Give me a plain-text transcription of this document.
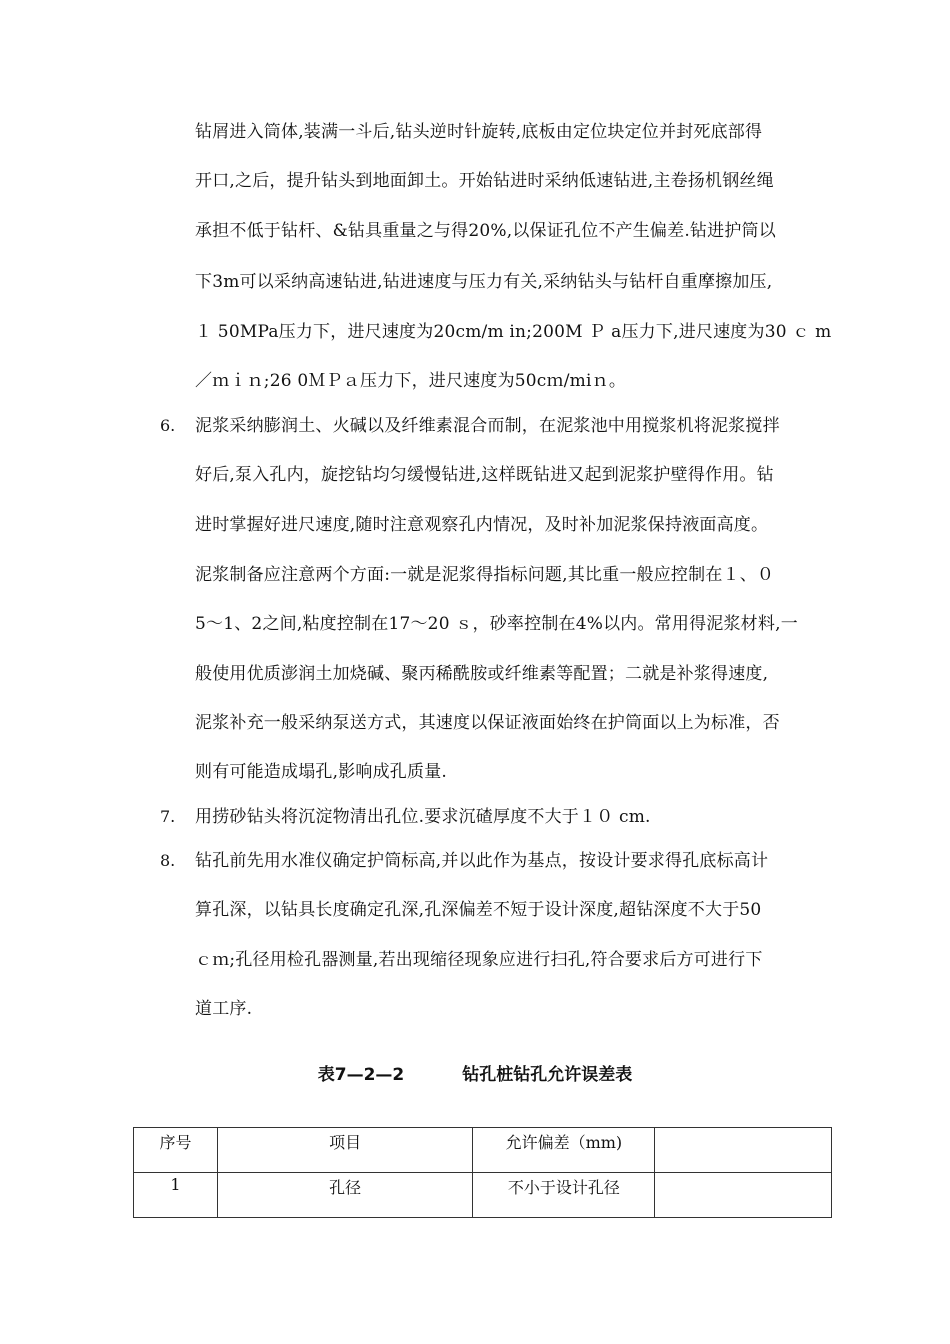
钻屑进入筒体,装满一斗后,钻头逆时针旋转,底板由定位块定位并封死底部得
开口,之后，提升钻头到地面卸土。开始钻进时采纳低速钻进,主卷扬机钢丝绳
承担不低于钻杆、&钻具重量之与得20%,以保证孔位不产生偏差.钻进护筒以
下3m可以采纳高速钻进,钻进速度与压力有关,采纳钻头与钻杆自重摩擦加压,
１ 50MPa压力下，进尺速度为20cm/m in;200M Ｐ a压力下,进尺速度为30 ｃ m
／ｍｉｎ;26 0ＭＰａ压力下，进尺速度为50cｍ/miｎ。
6. 泥浆采纳膨润土、火碱以及纤维素混合而制，在泥浆池中用搅浆机将泥浆搅拌
好后,泵入孔内，旋挖钻均匀缓慢钻进,这样既钻进又起到泥浆护壁得作用。钻
进时掌握好进尺速度,随时注意观察孔内情况，及时补加泥浆保持液面高度。
泥浆制备应注意两个方面:一就是泥浆得指标问题,其比重一般应控制在１、０
5～1、2之间,粘度控制在17～20 ｓ，砂率控制在4%以内。常用得泥浆材料,一
般使用优质澎润土加烧碱、聚丙稀酰胺或纤维素等配置；二就是补浆得速度,
泥浆补充一般采纳泵送方式，其速度以保证液面始终在护筒面以上为标准，否
则有可能造成塌孔,影响成孔质量.
7. 用捞砂钻头将沉淀物清出孔位.要求沉碴厚度不大于１０ cm.
8. 钻孔前先用水准仪确定护筒标高,并以此作为基点，按设计要求得孔底标高计
算孔深，以钻具长度确定孔深,孔深偏差不短于设计深度,超钻深度不大于50
ｃｍ;孔径用检孔器测量,若出现缩径现象应进行扫孔,符合要求后方可进行下
道工序.
表7—2—2	钻孔桩钻孔允许误差表
序号	项目	允许偏差（mm)	
1	孔径	不小于设计孔径	
